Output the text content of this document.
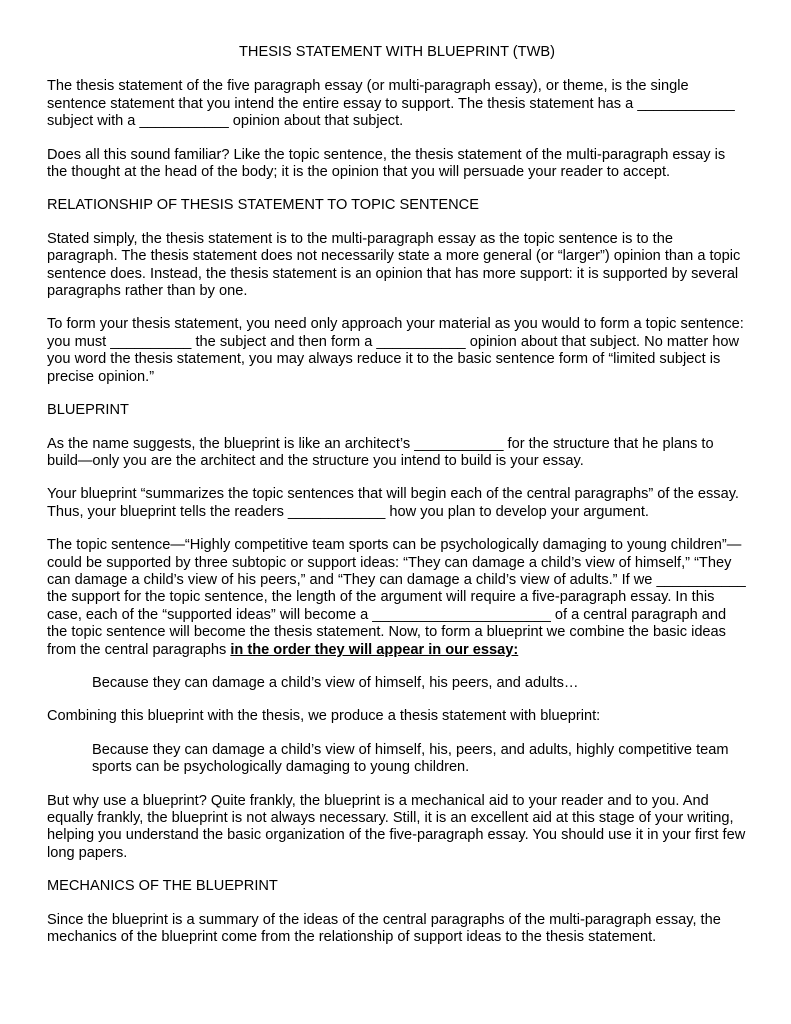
THESIS STATEMENT WITH BLUEPRINT (TWB)

The thesis statement of the five paragraph essay (or multi-paragraph essay), or theme, is the single sentence statement that you intend the entire essay to support. The thesis statement has a ____________ subject with a ___________ opinion about that subject.

Does all this sound familiar? Like the topic sentence, the thesis statement of the multi-paragraph essay is the thought at the head of the body; it is the opinion that you will persuade your reader to accept.

RELATIONSHIP OF THESIS STATEMENT TO TOPIC SENTENCE

Stated simply, the thesis statement is to the multi-paragraph essay as the topic sentence is to the paragraph. The thesis statement does not necessarily state a more general (or “larger”) opinion than a topic sentence does. Instead, the thesis statement is an opinion that has more support: it is supported by several paragraphs rather than by one.

To form your thesis statement, you need only approach your material as you would to form a topic sentence: you must __________ the subject and then form a ___________ opinion about that subject. No matter how you word the thesis statement, you may always reduce it to the basic sentence form of “limited subject is precise opinion.”

BLUEPRINT

As the name suggests, the blueprint is like an architect’s ___________ for the structure that he plans to build—only you are the architect and the structure you intend to build is your essay.

Your blueprint “summarizes the topic sentences that will begin each of the central paragraphs” of the essay. Thus, your blueprint tells the readers ____________ how you plan to develop your argument.

The topic sentence—“Highly competitive team sports can be psychologically damaging to young children”—could be supported by three subtopic or support ideas: “They can damage a child’s view of himself,” “They can damage a child’s view of his peers,” and “They can damage a child’s view of adults.” If we ___________ the support for the topic sentence, the length of the argument will require a five-paragraph essay. In this case, each of the “supported ideas” will become a ______________________ of a central paragraph and the topic sentence will become the thesis statement. Now, to form a blueprint we combine the basic ideas from the central paragraphs in the order they will appear in our essay:

Because they can damage a child’s view of himself, his peers, and adults…

Combining this blueprint with the thesis, we produce a thesis statement with blueprint:

Because they can damage a child’s view of himself, his, peers, and adults, highly competitive team sports can be psychologically damaging to young children.

But why use a blueprint? Quite frankly, the blueprint is a mechanical aid to your reader and to you. And equally frankly, the blueprint is not always necessary. Still, it is an excellent aid at this stage of your writing, helping you understand the basic organization of the five-paragraph essay. You should use it in your first few long papers.

MECHANICS OF THE BLUEPRINT

Since the blueprint is a summary of the ideas of the central paragraphs of the multi-paragraph essay, the mechanics of the blueprint come from the relationship of support ideas to the thesis statement.
